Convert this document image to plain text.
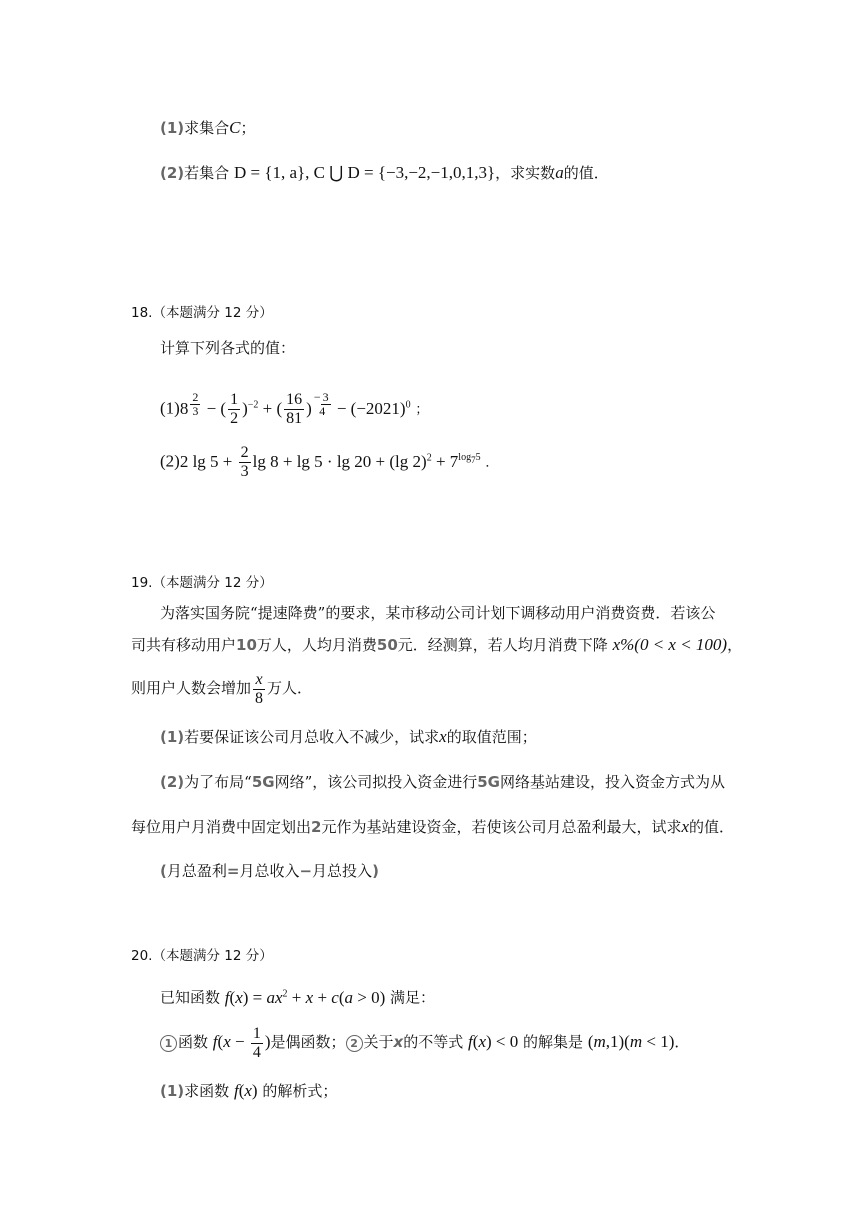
(1)求集合C；
(2)若集合 D = {1, a}, C ⋃ D = {−3,−2,−1,0,1,3}，求实数a的值．
18.（本题满分 12 分）
计算下列各式的值：
(1)8 $^{\frac{2}{3}}$ − ( $\frac{1}{2} )^{-2}$ + ( $\frac{16}{81} )^{- 3 4} - (-2021)^0$ ；
(2)2 $\lg 5 + \frac{2}{3}$ lg 8 + lg 5 · lg 20 + (lg $2)^2 + 7^{log_75}$ ．
19.（本题满分 12 分）
为落实国务院“提速降费”的要求，某市移动公司计划下调移动用户消费资费．若该公
司共有移动用户10万人，人均月消费50元．经测算，若人均月消费下降 x%(0 < x < 100)，
则用户人数会增加 $\frac{x}{8}$ 万人．
(1)若要保证该公司月总收入不减少，试求x的取值范围；
(2)为了布局“5G网络”，该公司拟投入资金进行5G网络基站建设，投入资金方式为从
每位用户月消费中固定划出2元作为基站建设资金，若使该公司月总盈利最大，试求x的值．
(月总盈利=月总收入−月总投入)
20.（本题满分 12 分）
已知函数 $f(x) = ax^2 + x + c(a > 0)$ 满足：
1 函数 $f(x - \frac{1}{4}$ )是偶函数； 2 关于x的不等式 f(x) < 0 的解集是 (m,1)(m < 1)．
(1)求函数 f(x) 的解析式；
